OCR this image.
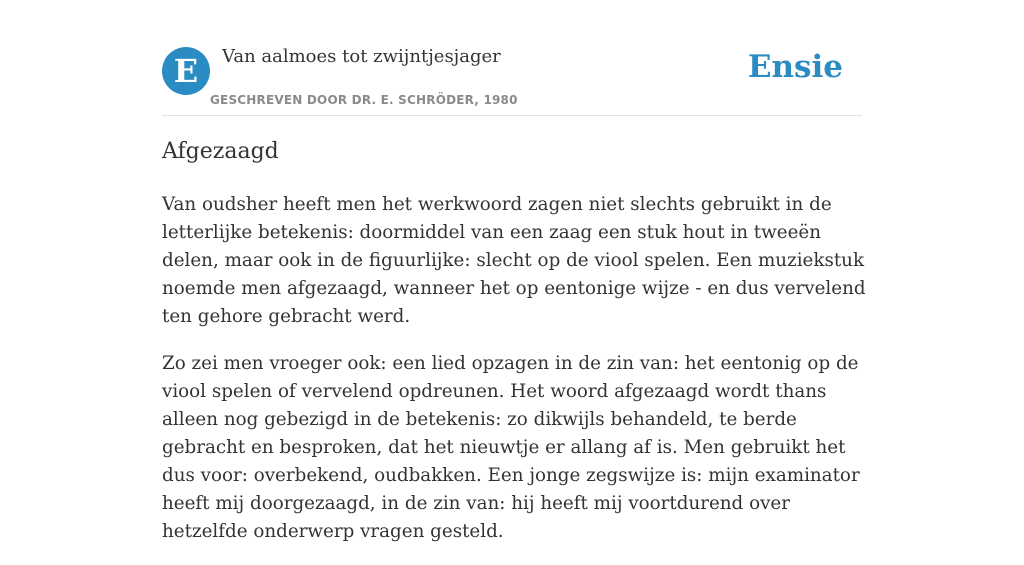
E	Van aalmoes tot zwijntjesjager	Ensie
GESCHREVEN DOOR DR. E. SCHRÖDER, 1980
Afgezaagd

Van oudsher heeft men het werkwoord zagen niet slechts gebruikt in de letterlijke betekenis: doormiddel van een zaag een stuk hout in tweeën delen, maar ook in de figuurlijke: slecht op de viool spelen. Een muziekstuk noemde men afgezaagd, wanneer het op eentonige wijze - en dus vervelend ten gehore gebracht werd.

Zo zei men vroeger ook: een lied opzagen in de zin van: het eentonig op de viool spelen of vervelend opdreunen. Het woord afgezaagd wordt thans alleen nog gebezigd in de betekenis: zo dikwijls behandeld, te berde gebracht en besproken, dat het nieuwtje er allang af is. Men gebruikt het dus voor: overbekend, oudbakken. Een jonge zegswijze is: mijn examinator heeft mij doorgezaagd, in de zin van: hij heeft mij voortdurend over hetzelfde onderwerp vragen gesteld.
